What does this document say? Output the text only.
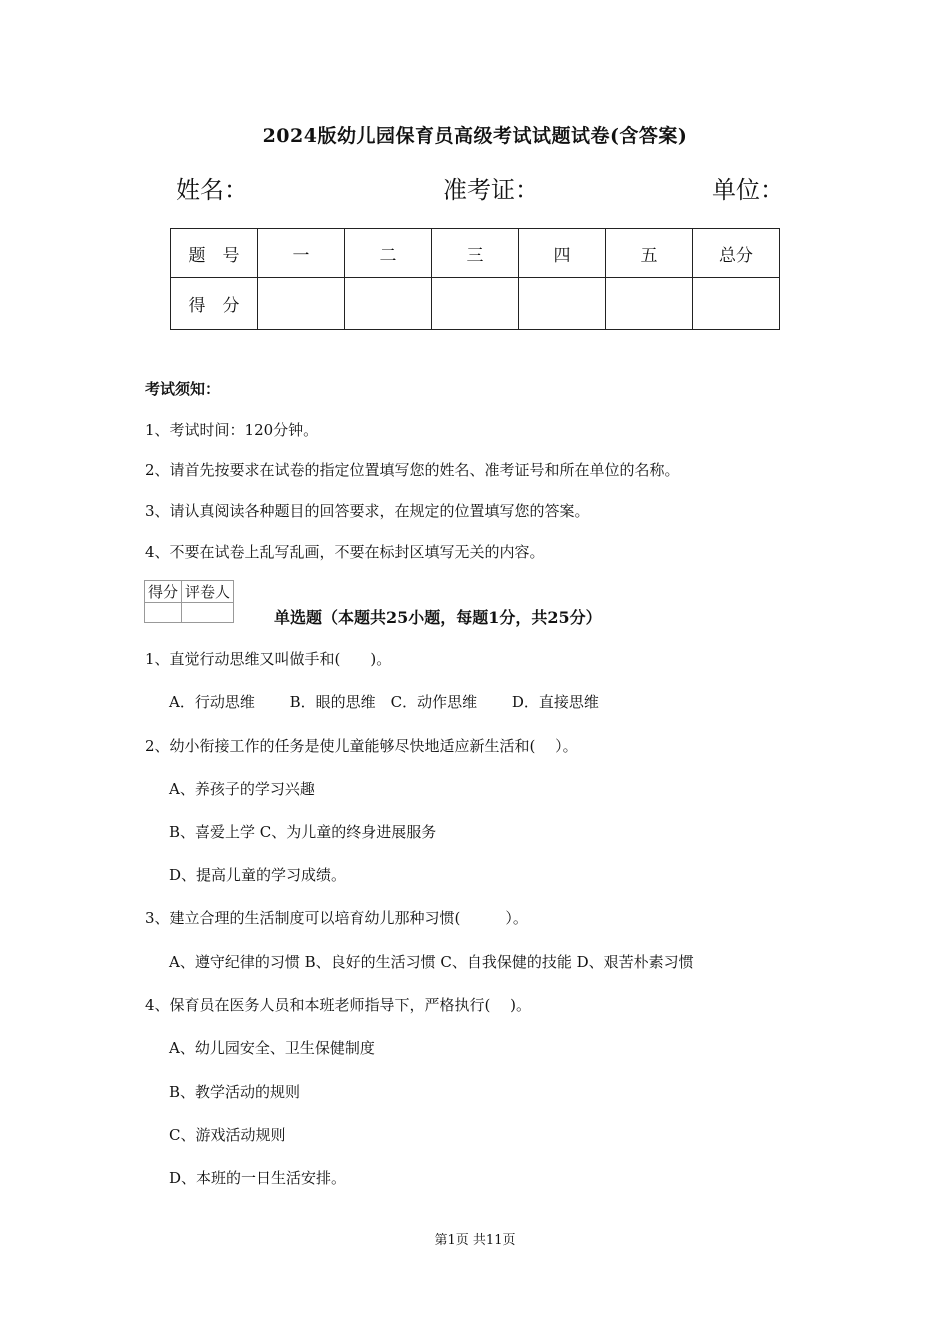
2024版幼儿园保育员高级考试试题试卷(含答案)
姓名：	准考证：	单位：
题　号	一	二	三	四	五	总分
得　分						
考试须知：
1、考试时间：120分钟。
2、请首先按要求在试卷的指定位置填写您的姓名、准考证号和所在单位的名称。
3、请认真阅读各种题目的回答要求，在规定的位置填写您的答案。
4、不要在试卷上乱写乱画，不要在标封区填写无关的内容。
得分	评卷人

单选题（本题共25小题，每题1分，共25分）
1、直觉行动思维又叫做手和(　　)。
A．行动思维　　 B．眼的思维　C．动作思维　　 D．直接思维
2、幼小衔接工作的任务是使儿童能够尽快地适应新生活和(　 ）。
A、养孩子的学习兴趣
B、喜爱上学 C、为儿童的终身进展服务
D、提高儿童的学习成绩。
3、建立合理的生活制度可以培育幼儿那种习惯(　　　）。
A、遵守纪律的习惯 B、良好的生活习惯 C、自我保健的技能 D、艰苦朴素习惯
4、保育员在医务人员和本班老师指导下，严格执行(　 )。
A、幼儿园安全、卫生保健制度
B、教学活动的规则
C、游戏活动规则
D、本班的一日生活安排。
第1页 共11页
